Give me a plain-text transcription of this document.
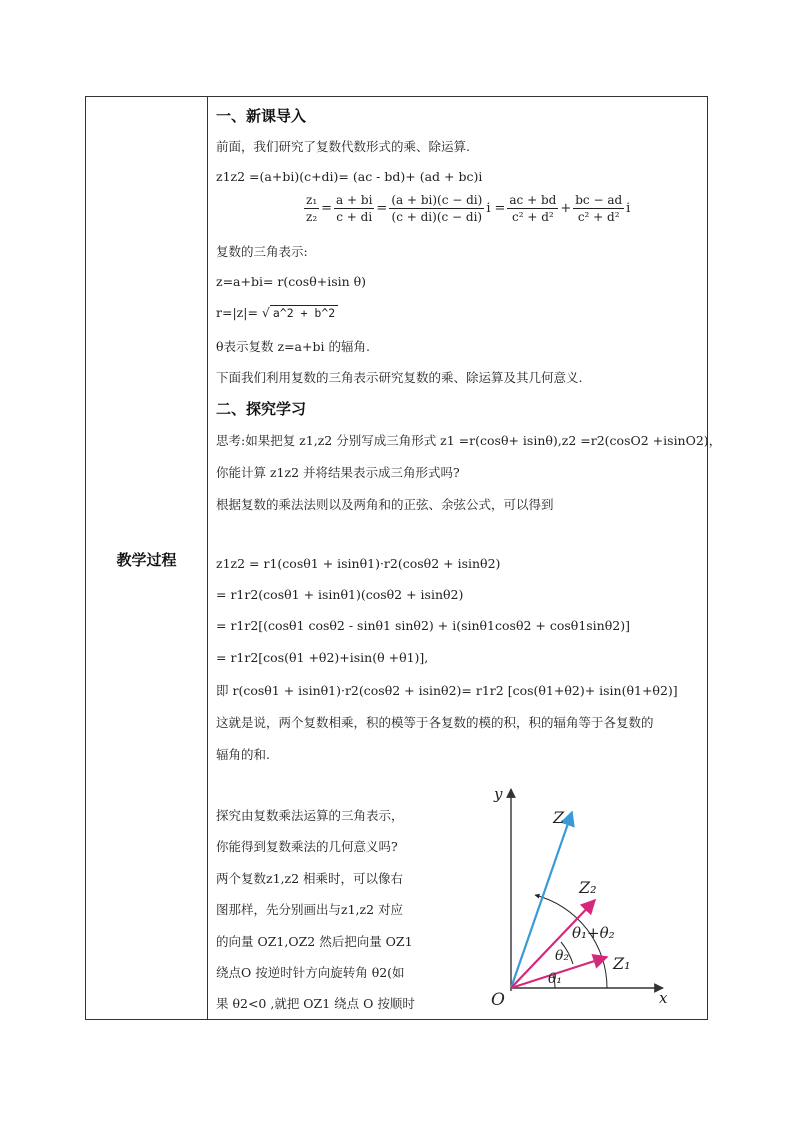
教学过程
一、新课导入
前面，我们研究了复数代数形式的乘、除运算.
z1z2 =(a+bi)(c+di)= (ac - bd)+ (ad + bc)i
$\frac{\text{z₁}}{\text{z₂}} = \frac{a + bi}{c + di} = \frac{(a + bi)(c - di)}{(c + di)(c - di)}$ $i = \frac{ac + bd}{\text{c² + d²}} + \frac{bc - ad}{\text{c² + d²}}$ i
复数的三角表示:
z=a+bi= r(cosθ+isin θ)
r=|z|= √ a^2 + b^2
θ表示复数 z=a+bi 的辐角.
下面我们利用复数的三角表示研究复数的乘、除运算及其几何意义.
二、探究学习
思考:如果把复 z1,z2 分别写成三角形式 z1 =r(cosθ+ isinθ),z2 =r2(cosO2 +isinO2)，
你能计算 z1z2 并将结果表示成三角形式吗?
根据复数的乘法法则以及两角和的正弦、余弦公式，可以得到
z1z2 = r1(cosθ1 + isinθ1)·r2(cosθ2 + isinθ2)
= r1r2(cosθ1 + isinθ1)(cosθ2 + isinθ2)
= r1r2[(cosθ1 cosθ2 - sinθ1 sinθ2) + i(sinθ1cosθ2 + cosθ1sinθ2)]
= r1r2[cos(θ1 +θ2)+isin(θ +θ1)],
即 r(cosθ1 + isinθ1)·r2(cosθ2 + isinθ2)= r1r2 [cos(θ1+θ2)+ isin(θ1+θ2)]
这就是说，两个复数相乘，积的模等于各复数的模的积，积的辐角等于各复数的
辐角的和.
探究由复数乘法运算的三角表示，
你能得到复数乘法的几何意义吗?
两个复数z1,z2 相乘时，可以像右
图那样，先分别画出与z1,z2 对应
的向量 OZ1,OZ2 然后把向量 OZ1
绕点O 按逆时针方向旋转角 θ2(如
果 θ2<0 ,就把 OZ1 绕点 O 按顺时
y
x
O
Z
Z₂
Z₁
θ₁+θ₂
θ₂
θ₁
